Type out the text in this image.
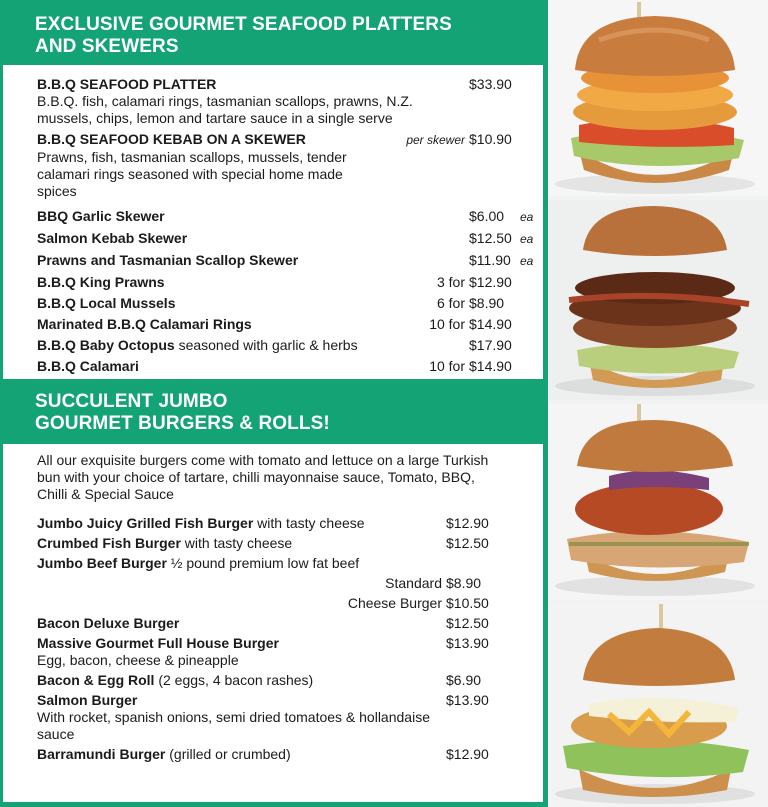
EXCLUSIVE GOURMET SEAFOOD PLATTERS
AND SKEWERS
B.B.Q SEAFOOD PLATTER	$33.90
B.B.Q. fish, calamari rings, tasmanian scallops, prawns, N.Z. mussels, chips, lemon and tartare sauce in a single serve
B.B.Q SEAFOOD KEBAB ON A SKEWER	per skewer $10.90
Prawns, fish, tasmanian scallops, mussels, tender calamari rings seasoned with special home made spices
BBQ Garlic Skewer	$6.00	ea
Salmon Kebab Skewer	$12.50 ea
Prawns and Tasmanian Scallop Skewer	$11.90 ea
B.B.Q King Prawns	3 for $12.90
B.B.Q Local Mussels	6 for $8.90
Marinated B.B.Q Calamari Rings	10 for $14.90
B.B.Q Baby Octopus seasoned with garlic & herbs	$17.90
B.B.Q Calamari	10 for $14.90
SUCCULENT JUMBO
GOURMET BURGERS & ROLLS!
All our exquisite burgers come with tomato and lettuce on a large Turkish bun with your choice of tartare, chilli mayonnaise sauce, Tomato, BBQ, Chilli & Special Sauce
Jumbo Juicy Grilled Fish Burger with tasty cheese	$12.90
Crumbed Fish Burger with tasty cheese	$12.50
Jumbo Beef Burger ½ pound premium low fat beef
Standard $8.90
Cheese Burger $10.50
Bacon Deluxe Burger	$12.50
Massive Gourmet Full House Burger	$13.90
Egg, bacon, cheese & pineapple
Bacon & Egg Roll (2 eggs, 4 bacon rashes)	$6.90
Salmon Burger	$13.90
With rocket, spanish onions, semi dried tomatoes & hollandaise sauce
Barramundi Burger (grilled or crumbed)	$12.90
